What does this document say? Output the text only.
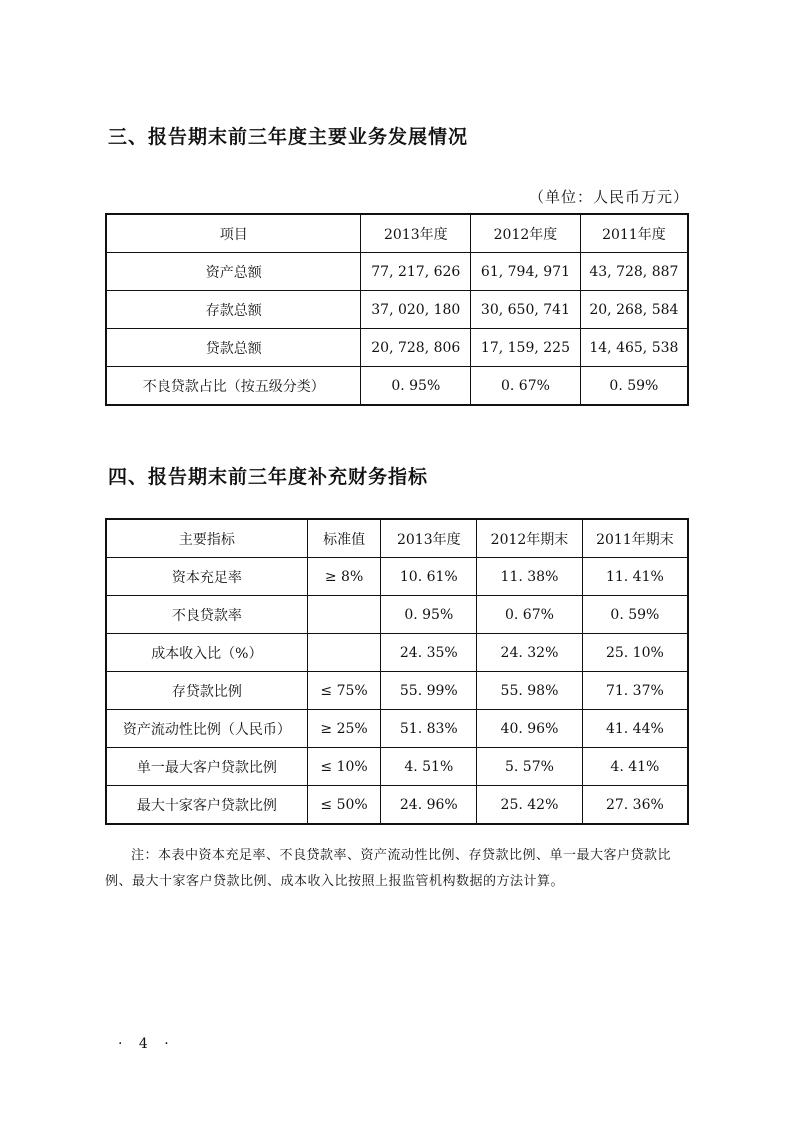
三、报告期末前三年度主要业务发展情况
（单位：人民币万元）
项目	2013年度	2012年度	2011年度
资产总额	77, 217, 626	61, 794, 971	43, 728, 887
存款总额	37, 020, 180	30, 650, 741	20, 268, 584
贷款总额	20, 728, 806	17, 159, 225	14, 465, 538
不良贷款占比（按五级分类）	0. 95%	0. 67%	0. 59%
四、报告期末前三年度补充财务指标
主要指标	标准值	2013年度	2012年期末	2011年期末
资本充足率	≥ 8%	10. 61%	11. 38%	11. 41%
不良贷款率		0. 95%	0. 67%	0. 59%
成本收入比（%）		24. 35%	24. 32%	25. 10%
存贷款比例	≤ 75%	55. 99%	55. 98%	71. 37%
资产流动性比例（人民币）	≥ 25%	51. 83%	40. 96%	41. 44%
单一最大客户贷款比例	≤ 10%	4. 51%	5. 57%	4. 41%
最大十家客户贷款比例	≤ 50%	24. 96%	25. 42%	27. 36%

注：本表中资本充足率、不良贷款率、资产流动性比例、存贷款比例、单一最大客户贷款比例、最大十家客户贷款比例、成本收入比按照上报监管机构数据的方法计算。

· 4 ·
